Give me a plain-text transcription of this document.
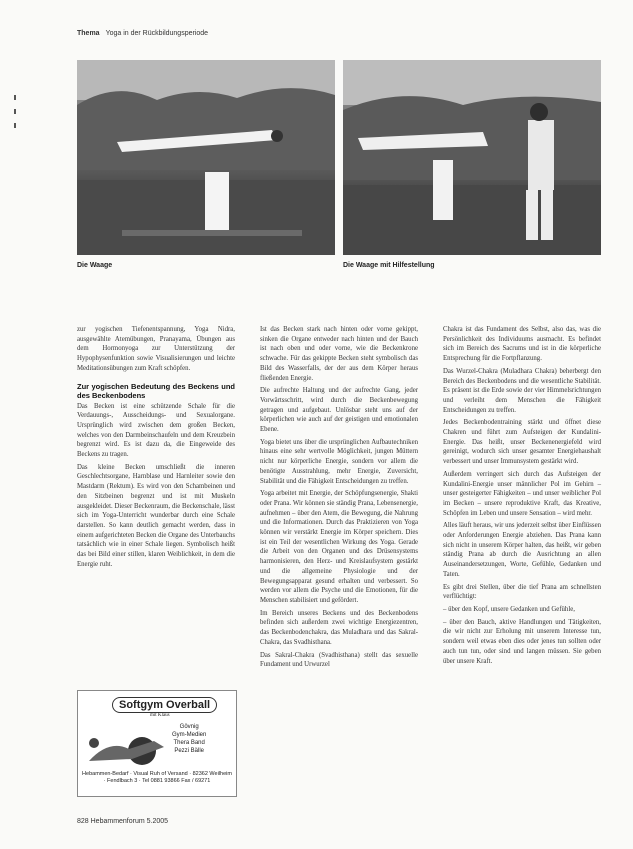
Thema Yoga in der Rückbildungsperiode
Die Waage	Die Waage mit Hilfestellung

zur yogischen Tiefenentspannung, Yoga Nidra, ausgewählte Atemübungen, Pranayama, Übungen aus dem Hormonyoga zur Unterstützung der Hypophysenfunktion sowie Visualisierungen und leichte Meditationsübungen zum Kraft schöpfen.

Zur yogischen Bedeutung des Beckens und des Beckenbodens

Das Becken ist eine schützende Schale für die Verdauungs-, Ausscheidungs- und Sexualorgane. Ursprünglich wird zwischen dem großen Becken, welches von den Darmbeinschaufeln und dem Kreuzbein begrenzt wird. Es ist dazu da, die Eingeweide des Beckens zu tragen.

Das kleine Becken umschließt die inneren Geschlechtsorgane, Harnblase und Harnleiter sowie den Mastdarm (Rektum). Es wird von den Schambeinen und den Sitzbeinen begrenzt und ist mit Muskeln ausgekleidet. Dieser Beckenraum, die Beckenschale, lässt sich im Yoga-Unterricht wunderbar durch eine Schale darstellen. So kann deutlich gemacht werden, dass in einem aufgerichteten Becken die Organe des Unterbauchs tatsächlich wie in einer Schale liegen. Symbolisch heißt das bei Bild einer stillen, klaren Weiblichkeit, in dem die Energie ruht.

Ist das Becken stark nach hinten oder vorne gekippt, sinken die Organe entweder nach hinten und der Bauch ist nach oben und oder vorne, wie die Beckenkrone schwache. Für das gekippte Becken steht symbolisch das Bild des Wasserfalls, der der aus dem Körper heraus fließenden Energie.

Die aufrechte Haltung und der aufrechte Gang, jeder Vorwärtsschritt, wird durch die Beckenbewegung getragen und aufgebaut. Unlösbar steht uns auf der körperlichen wie auch auf der geistigen und emotionalen Ebene.

Yoga bietet uns über die ursprünglichen Aufbautechniken hinaus eine sehr wertvolle Möglichkeit, jungen Müttern nicht nur körperliche Energie, sondern vor allem die benötigte Ausstrahlung, mehr Energie, Zuversicht, Stabilität und die Fähigkeit Entscheidungen zu treffen.

Yoga arbeitet mit Energie, der Schöpfungsenergie, Shakti oder Prana. Wir können sie ständig Prana, Lebensenergie, aufnehmen – über den Atem, die Bewegung, die Nahrung und die Informationen. Durch das Praktizieren von Yoga können wir verstärkt Energie im Körper speichern. Dies ist ein Teil der wesentlichen Wirkung des Yoga. Gerade die Arbeit von den Organen und des Drüsensystems harmonisieren, den Herz- und Kreislaufsystem gestärkt und die allgemeine Physiologie und der Bewegungsapparat gesund erhalten und verbessert. So werden vor allem die Psyche und die Emotionen, für die Menschen stabilisiert und gefördert.

Im Bereich unseres Beckens und des Beckenbodens befinden sich außerdem zwei wichtige Energiezentren, das Beckenbodenchakra, das Muladhara und das Sakral-Chakra, das Svadhisthana.

Das Sakral-Chakra (Svadhisthana) stellt das sexuelle Fundament und Urwurzel

Chakra ist das Fundament des Selbst, also das, was die Persönlichkeit des Individuums ausmacht. Es befindet sich im Bereich des Sacrums und ist in die körperliche Entsprechung für die Fortpflanzung.

Das Wurzel-Chakra (Muladhara Chakra) beherbergt den Bereich des Beckenbodens und die wesentliche Stabilität. Es präsent ist die Erde sowie der vier Himmelsrichtungen und verleiht dem Menschen die Fähigkeit Entscheidungen zu treffen.

Jedes Beckenbodentraining stärkt und öffnet diese Chakren und führt zum Aufsteigen der Kundalini-Energie. Das heißt, unser Beckenenergiefeld wird gereinigt, wodurch sich unser gesamter Energiehaushalt verbessert und unser Immunsystem gestärkt wird.

Außerdem verringert sich durch das Aufsteigen der Kundalini-Energie unser männlicher Pol im Gehirn – unser gesteigerter Fähigkeiten – und unser weiblicher Pol im Becken – unsere reproduktive Kraft, das Kreative, Schöpfen im Leben und unsere Sensation – wird mehr.

Alles läuft heraus, wir uns jederzeit selbst über Einflüssen oder Anforderungen Energie abziehen. Das Prana kann sich nicht in unserem Körper halten, das heißt, wir geben ständig Prana ab durch die Ausrichtung an allen Auseinandersetzungen, Worte, Gefühle, Gedanken und Taten.

Es gibt drei Stellen, über die tief Prana am schnellsten verflüchtigt:

– über den Kopf, unsere Gedanken und Gefühle,

– über den Bauch, aktive Handlungen und Tätigkeiten, die wir nicht zur Erholung mit unserem Interesse tun, sondern weil etwas eben dies oder jenes tun sollten oder auch tun tun, oder sind und langen müssen. Sie geben über unsere Kraft.

Softgym Overball
mit Klaus
Gövnig
Gym-Medien
Thera Band
Pezzi Bälle
Hebammen-Bedarf · Visual Ruh of Versand · 82362 Weilheim · Fendlbach 3 · Tel 0881 93866 Fax / 69271
828 Hebammenforum 5.2005
